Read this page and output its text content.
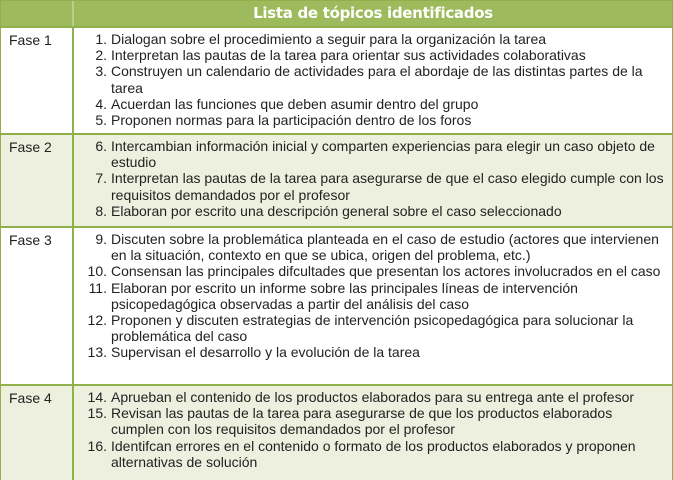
Lista de tópicos identificados
Fase 1	1. Dialogan sobre el procedimiento a seguir para la organización la tarea
2. Interpretan las pautas de la tarea para orientar sus actividades colaborativas
3. Construyen un calendario de actividades para el abordaje de las distintas partes de la tarea
4. Acuerdan las funciones que deben asumir dentro del grupo
5. Proponen normas para la participación dentro de los foros
Fase 2	6. Intercambian información inicial y comparten experiencias para elegir un caso objeto de estudio
7. Interpretan las pautas de la tarea para asegurarse de que el caso elegido cumple con los requisitos demandados por el profesor
8. Elaboran por escrito una descripción general sobre el caso seleccionado
Fase 3	9. Discuten sobre la problemática planteada en el caso de estudio (actores que intervienen en la situación, contexto en que se ubica, origen del problema, etc.)
10. Consensan las principales difcultades que presentan los actores involucrados en el caso
11. Elaboran por escrito un informe sobre las principales líneas de intervención psicopedagógica observadas a partir del análisis del caso
12. Proponen y discuten estrategias de intervención psicopedagógica para solucionar la problemática del caso
13. Supervisan el desarrollo y la evolución de la tarea
Fase 4	14. Aprueban el contenido de los productos elaborados para su entrega ante el profesor
15. Revisan las pautas de la tarea para asegurarse de que los productos elaborados cumplen con los requisitos demandados por el profesor
16. Identifcan errores en el contenido o formato de los productos elaborados y proponen alternativas de solución
